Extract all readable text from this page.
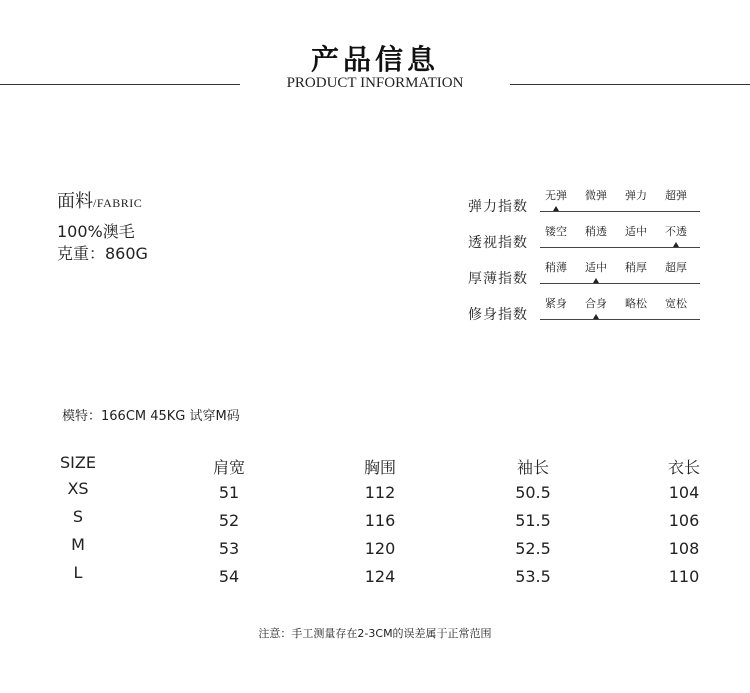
产品信息
PRODUCT INFORMATION
面料/FABRIC
100%澳毛
克重：860G
弹力指数
无弹	微弹	弹力	超弹
透视指数
镂空	稍透	适中	不透
厚薄指数
稍薄	适中	稍厚	超厚
修身指数
紧身	合身	略松	宽松
模特：166CM 45KG 试穿M码
SIZE	肩宽	胸围	袖长	衣长
XS	51	112	50.5	104
S	52	116	51.5	106
M	53	120	52.5	108
L	54	124	53.5	110
注意：手工测量存在2-3CM的误差属于正常范围
